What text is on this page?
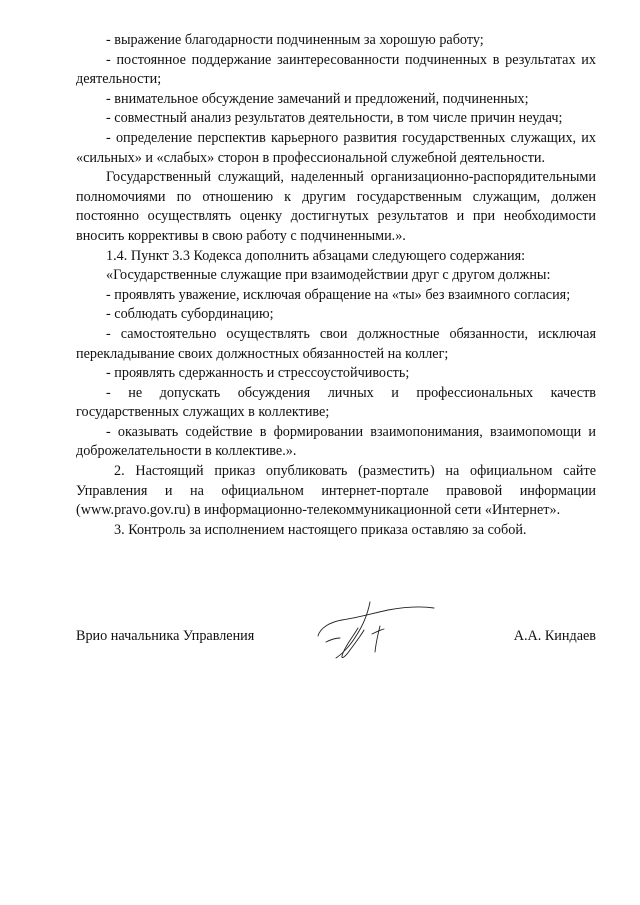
- выражение благодарности подчиненным за хорошую работу;

- постоянное поддержание заинтересованности подчиненных в результатах их деятельности;

- внимательное обсуждение замечаний и предложений, подчиненных;

- совместный анализ результатов деятельности, в том числе причин неудач;

- определение перспектив карьерного развития государственных служащих, их «сильных» и «слабых» сторон в профессиональной служебной деятельности.

Государственный служащий, наделенный организационно-распорядительными полномочиями по отношению к другим государственным служащим, должен постоянно осуществлять оценку достигнутых результатов и при необходимости вносить коррективы в свою работу с подчиненными.».

1.4. Пункт 3.3 Кодекса дополнить абзацами следующего содержания:

«Государственные служащие при взаимодействии друг с другом должны:

- проявлять уважение, исключая обращение на «ты» без взаимного согласия;

- соблюдать субординацию;

- самостоятельно осуществлять свои должностные обязанности, исключая перекладывание своих должностных обязанностей на коллег;

- проявлять сдержанность и стрессоустойчивость;

- не допускать обсуждения личных и профессиональных качеств государственных служащих в коллективе;

- оказывать содействие в формировании взаимопонимания, взаимопомощи и доброжелательности в коллективе.».

2. Настоящий приказ опубликовать (разместить) на официальном сайте Управления и на официальном интернет-портале правовой информации (www.pravo.gov.ru) в информационно-телекоммуникационной сети «Интернет».

3. Контроль за исполнением настоящего приказа оставляю за собой.

Врио начальника Управления	А.А. Киндаев
